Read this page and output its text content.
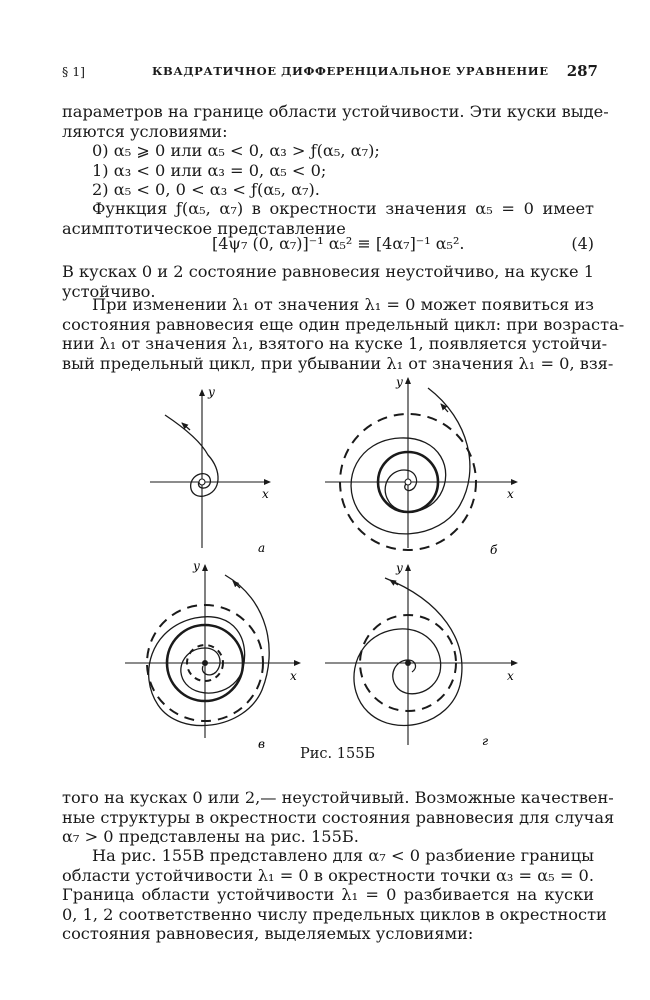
§ 1]	КВАДРАТИЧНОЕ ДИФФЕРЕНЦИАЛЬНОЕ УРАВНЕНИЕ 287
параметров на границе области устойчивости. Эти куски выде-
ляются условиями:
0) α₅ ⩾ 0 или α₅ < 0, α₃ > ƒ(α₅, α₇);
1) α₃ < 0 или α₃ = 0, α₅ < 0;
2) α₅ < 0, 0 < α₃ < ƒ(α₅, α₇).
Функция ƒ(α₅, α₇) в окрестности значения α₅ = 0 имеет
асимптотическое представление
[4ψ₇ (0, α₇)]⁻¹ α₅² ≡ [4α₇]⁻¹ α₅².	(4)
В кусках 0 и 2 состояние равновесия неустойчиво, на куске 1
устойчиво.
При изменении λ₁ от значения λ₁ = 0 может появиться из
состояния равновесия еще один предельный цикл: при возраста-
нии λ₁ от значения λ₁, взятого на куске 1, появляется устойчи-
вый предельный цикл, при убывании λ₁ от значения λ₁ = 0, взя-
y
x
а
y
x
б
y
x
в
y
x
г
Рис. 155Б
того на кусках 0 или 2,— неустойчивый. Возможные качествен-
ные структуры в окрестности состояния равновесия для случая
α₇ > 0 представлены на рис. 155Б.
На рис. 155В представлено для α₇ < 0 разбиение границы
области устойчивости λ₁ = 0 в окрестности точки α₃ = α₅ = 0.
Граница области устойчивости λ₁ = 0 разбивается на куски
0, 1, 2 соответственно числу предельных циклов в окрестности
состояния равновесия, выделяемых условиями:
